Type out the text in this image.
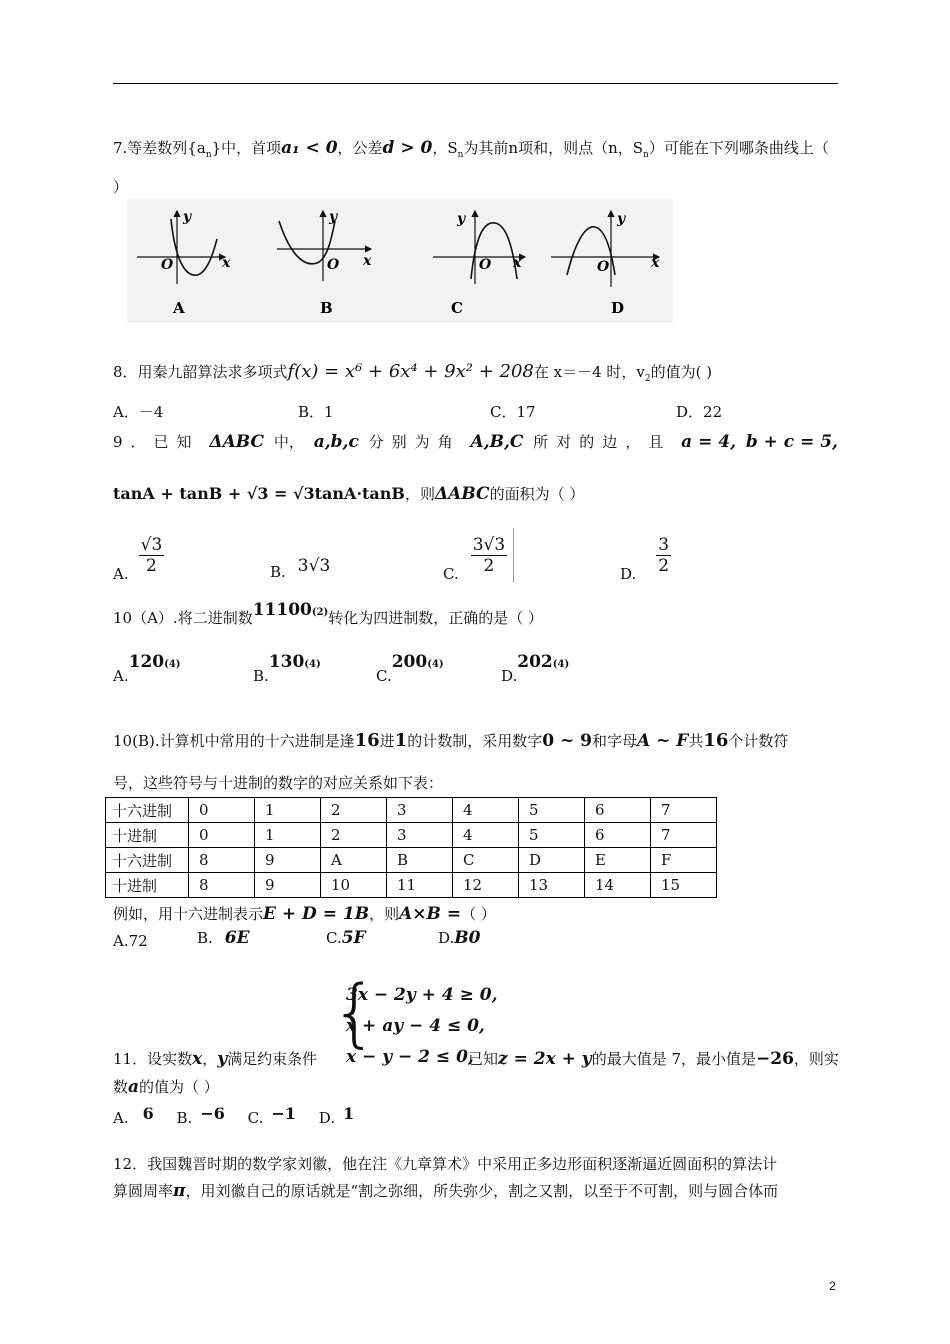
7.等差数列$\{a_n\}$中，首项a₁ < 0，公差d > 0，$S_n$为其前n项和，则点（n，$S_n$）可能在下列哪条曲线上（
）
O
y
x
A
O
y
x
B
O
y
x
C
O
y
x
D
8．用秦九韶算法求多项式f(x) = x⁶ + 6x⁴ + 9x² + 208在 x＝－4 时，$v_2$的值为( )
A．－4	B．1	C．17	D．22
9．已知 ΔABC 中， a,b,c 分别为角 A,B,C 所对的边，且 a = 4, b + c = 5,
tanA + tanB + √3 = √3tanA·tanB，则ΔABC的面积为（ ）
A. $\frac{√3}{2}$	B. 3√3	C. $\frac{3√3}{2}$	D. $\frac{3}{2}$
10（A）.将二进制数11100$^{(2)}$转化为四进制数，正确的是（ ）
A.120(4)
B.130(4)
C.200(4)
D.202(4)
10(B).计算机中常用的十六进制是逢16进1的计数制，采用数字0 ~ 9和字母A ~ F共16个计数符
号，这些符号与十进制的数字的对应关系如下表：
十六进制	0	1	2	3	4	5	6	7
十进制	0	1	2	3	4	5	6	7
十六进制	8	9	A	B	C	D	E	F
十进制	8	9	10	11	12	13	14	15
例如，用十六进制表示E + D = 1B，则A×B =（ ）
A.72	B. 6E	C.5F	D.B0
{
3x − 2y + 4 ≥ 0,
x + ay − 4 ≤ 0,
x − y − 2 ≤ 0,
11．设实数x，y满足约束条件	已知z = 2x + y的最大值是 7，最小值是−26，则实
数a的值为（ ）
A. 6 B. −6 C. −1 D. 1
12．我国魏晋时期的数学家刘徽，他在注《九章算术》中采用正多边形面积逐渐逼近圆面积的算法计
算圆周率π，用刘徽自己的原话就是“割之弥细，所失弥少，割之又割，以至于不可割，则与圆合体而
2
